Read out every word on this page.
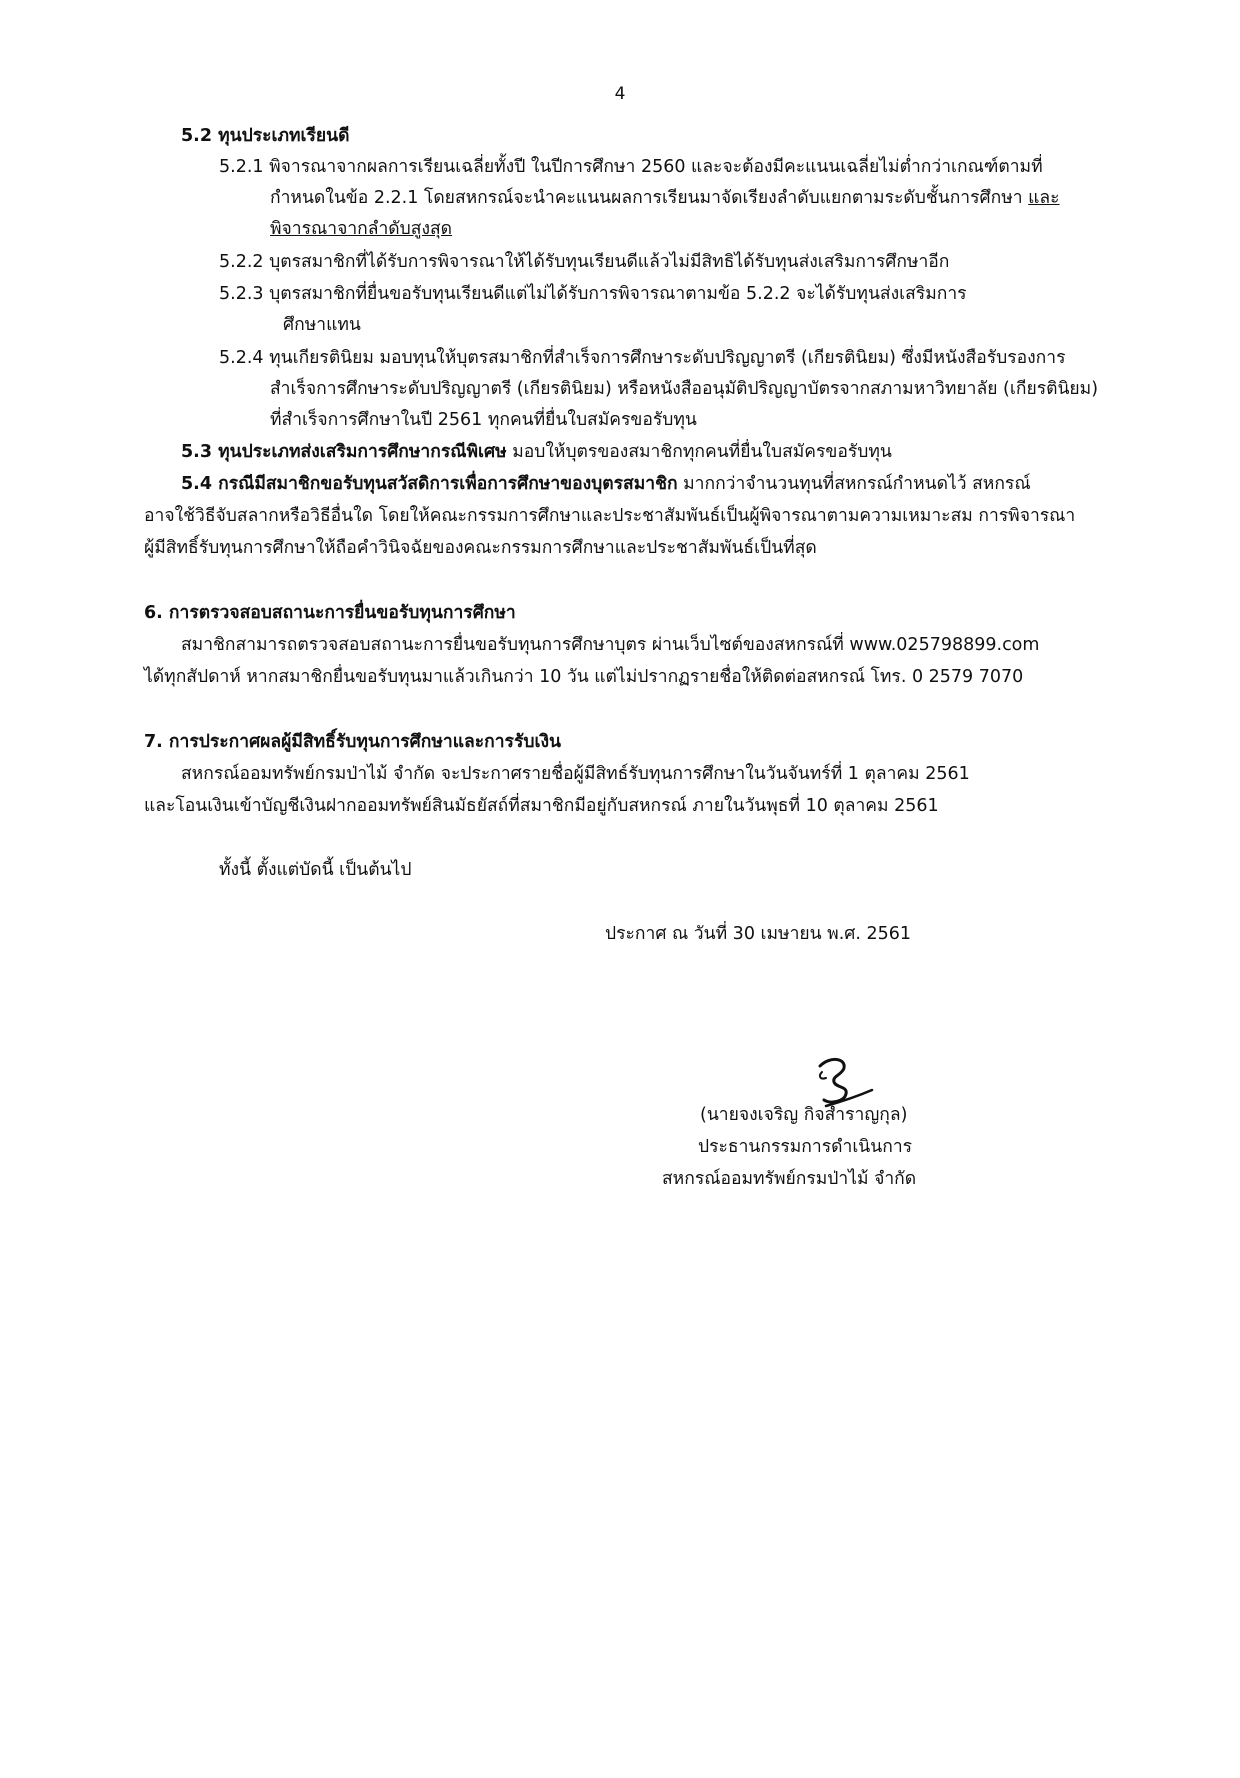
4
5.2 ทุนประเภทเรียนดี
5.2.1 พิจารณาจากผลการเรียนเฉลี่ยทั้งปี ในปีการศึกษา 2560 และจะต้องมีคะแนนเฉลี่ยไม่ต่ำกว่าเกณฑ์ตามที่
กำหนดในข้อ 2.2.1 โดยสหกรณ์จะนำคะแนนผลการเรียนมาจัดเรียงลำดับแยกตามระดับชั้นการศึกษา และ
พิจารณาจากลำดับสูงสุด
5.2.2 บุตรสมาชิกที่ได้รับการพิจารณาให้ได้รับทุนเรียนดีแล้วไม่มีสิทธิได้รับทุนส่งเสริมการศึกษาอีก
5.2.3 บุตรสมาชิกที่ยื่นขอรับทุนเรียนดีแต่ไม่ได้รับการพิจารณาตามข้อ 5.2.2 จะได้รับทุนส่งเสริมการ
ศึกษาแทน
5.2.4 ทุนเกียรตินิยม มอบทุนให้บุตรสมาชิกที่สำเร็จการศึกษาระดับปริญญาตรี (เกียรตินิยม) ซึ่งมีหนังสือรับรองการ
สำเร็จการศึกษาระดับปริญญาตรี (เกียรตินิยม) หรือหนังสืออนุมัติปริญญาบัตรจากสภามหาวิทยาลัย (เกียรตินิยม)
ที่สำเร็จการศึกษาในปี 2561 ทุกคนที่ยื่นใบสมัครขอรับทุน
5.3 ทุนประเภทส่งเสริมการศึกษากรณีพิเศษ มอบให้บุตรของสมาชิกทุกคนที่ยื่นใบสมัครขอรับทุน
5.4 กรณีมีสมาชิกขอรับทุนสวัสดิการเพื่อการศึกษาของบุตรสมาชิก มากกว่าจำนวนทุนที่สหกรณ์กำหนดไว้ สหกรณ์
อาจใช้วิธีจับสลากหรือวิธีอื่นใด โดยให้คณะกรรมการศึกษาและประชาสัมพันธ์เป็นผู้พิจารณาตามความเหมาะสม การพิจารณา
ผู้มีสิทธิ์รับทุนการศึกษาให้ถือคำวินิจฉัยของคณะกรรมการศึกษาและประชาสัมพันธ์เป็นที่สุด
6. การตรวจสอบสถานะการยื่นขอรับทุนการศึกษา
สมาชิกสามารถตรวจสอบสถานะการยื่นขอรับทุนการศึกษาบุตร ผ่านเว็บไซต์ของสหกรณ์ที่ www.025798899.com
ได้ทุกสัปดาห์ หากสมาชิกยื่นขอรับทุนมาแล้วเกินกว่า 10 วัน แต่ไม่ปรากฏรายชื่อให้ติดต่อสหกรณ์ โทร. 0 2579 7070
7. การประกาศผลผู้มีสิทธิ์รับทุนการศึกษาและการรับเงิน
สหกรณ์ออมทรัพย์กรมป่าไม้ จำกัด จะประกาศรายชื่อผู้มีสิทธ์รับทุนการศึกษาในวันจันทร์ที่ 1 ตุลาคม 2561
และโอนเงินเข้าบัญชีเงินฝากออมทรัพย์สินมัธยัสถ์ที่สมาชิกมีอยู่กับสหกรณ์ ภายในวันพุธที่ 10 ตุลาคม 2561
ทั้งนี้ ตั้งแต่บัดนี้ เป็นต้นไป
ประกาศ ณ วันที่ 30 เมษายน พ.ศ. 2561
(นายจงเจริญ กิจสำราญกุล)
ประธานกรรมการดำเนินการ
สหกรณ์ออมทรัพย์กรมป่าไม้ จำกัด
